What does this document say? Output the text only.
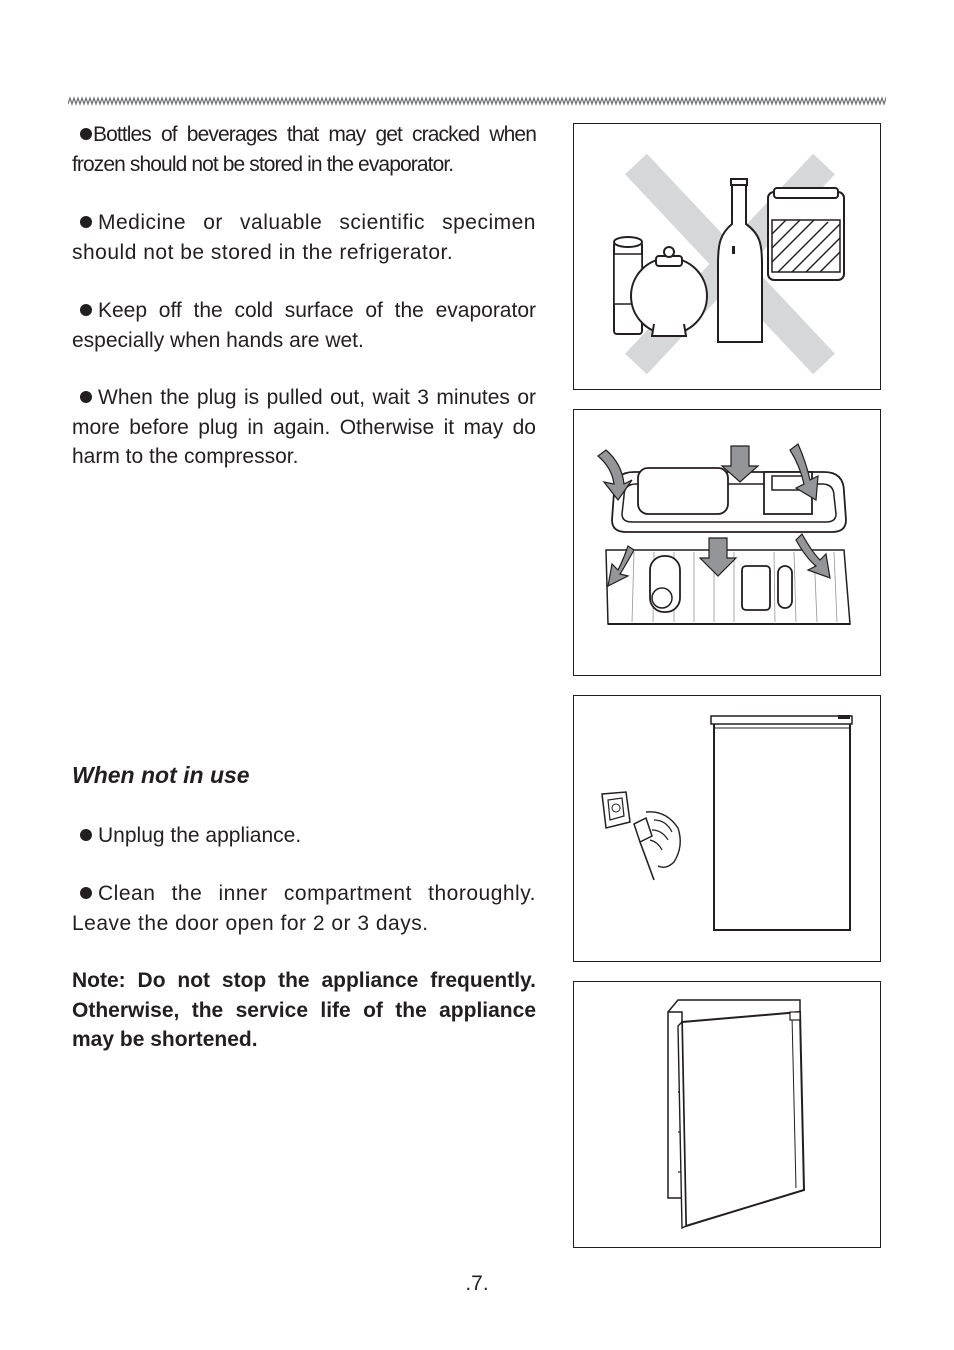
Bottles of beverages that may get cracked when frozen should not be stored in the evaporator.
Medicine or valuable scientific specimen should not be stored in the refrigerator.
Keep off the cold surface of the evaporator especially when hands are wet.
When the plug is pulled out, wait 3 minutes or more before plug in again. Otherwise it may do harm to the compressor.
When not in use
Unplug the appliance.
Clean the inner compartment thoroughly. Leave the door open for 2 or 3 days.
Note: Do not stop the appliance frequently. Otherwise, the service life of the appliance may be shortened.
.7.
